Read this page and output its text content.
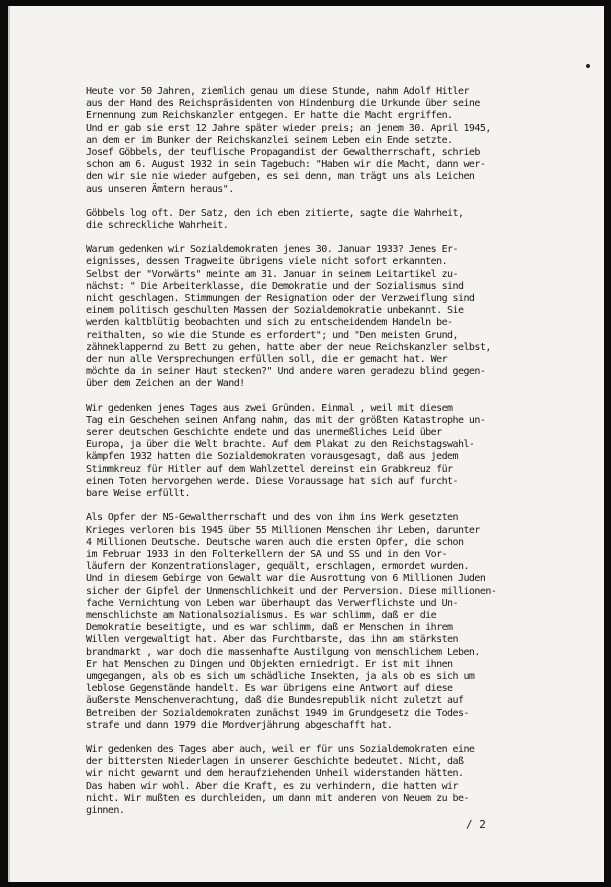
Heute vor 50 Jahren, ziemlich genau um diese Stunde, nahm Adolf Hitler
aus der Hand des Reichspräsidenten von Hindenburg die Urkunde über seine
Ernennung zum Reichskanzler entgegen. Er hatte die Macht ergriffen.
Und er gab sie erst 12 Jahre später wieder preis; an jenem 30. April 1945,
an dem er im Bunker der Reichskanzlei seinem Leben ein Ende setzte.
Josef Göbbels, der teuflische Propagandist der Gewaltherrschaft, schrieb
schon am 6. August 1932 in sein Tagebuch: "Haben wir die Macht, dann wer-
den wir sie nie wieder aufgeben, es sei denn, man trägt uns als Leichen
aus unseren Ämtern heraus".
Göbbels log oft. Der Satz, den ich eben zitierte, sagte die Wahrheit,
die schreckliche Wahrheit.
Warum gedenken wir Sozialdemokraten jenes 30. Januar 1933? Jenes Er-
eignisses, dessen Tragweite übrigens viele nicht sofort erkannten.
Selbst der "Vorwärts" meinte am 31. Januar in seinem Leitartikel zu-
nächst: " Die Arbeiterklasse, die Demokratie und der Sozialismus sind
nicht geschlagen. Stimmungen der Resignation oder der Verzweiflung sind
einem politisch geschulten Massen der Sozialdemokratie unbekannt. Sie
werden kaltblütig beobachten und sich zu entscheidendem Handeln be-
reithalten, so wie die Stunde es erfordert"; und "Den meisten Grund,
zähneklappernd zu Bett zu gehen, hatte aber der neue Reichskanzler selbst,
der nun alle Versprechungen erfüllen soll, die er gemacht hat. Wer
möchte da in seiner Haut stecken?" Und andere waren geradezu blind gegen-
über dem Zeichen an der Wand!
Wir gedenken jenes Tages aus zwei Gründen. Einmal , weil mit diesem
Tag ein Geschehen seinen Anfang nahm, das mit der größten Katastrophe un-
serer deutschen Geschichte endete und das unermeßliches Leid über
Europa, ja über die Welt brachte. Auf dem Plakat zu den Reichstagswahl-
kämpfen 1932 hatten die Sozialdemokraten vorausgesagt, daß aus jedem
Stimmkreuz für Hitler auf dem Wahlzettel dereinst ein Grabkreuz für
einen Toten hervorgehen werde. Diese Voraussage hat sich auf furcht-
bare Weise erfüllt.
Als Opfer der NS-Gewaltherrschaft und des von ihm ins Werk gesetzten
Krieges verloren bis 1945 über 55 Millionen Menschen ihr Leben, darunter
4 Millionen Deutsche. Deutsche waren auch die ersten Opfer, die schon
im Februar 1933 in den Folterkellern der SA und SS und in den Vor-
läufern der Konzentrationslager, gequält, erschlagen, ermordet wurden.
Und in diesem Gebirge von Gewalt war die Ausrottung von 6 Millionen Juden
sicher der Gipfel der Unmenschlichkeit und der Perversion. Diese millionen-
fache Vernichtung von Leben war überhaupt das Verwerflichste und Un-
menschlichste am Nationalsozialismus. Es war schlimm, daß er die
Demokratie beseitigte, und es war schlimm, daß er Menschen in ihrem
Willen vergewaltigt hat. Aber das Furchtbarste, das ihn am stärksten
brandmarkt , war doch die massenhafte Austilgung von menschlichem Leben.
Er hat Menschen zu Dingen und Objekten erniedrigt. Er ist mit ihnen
umgegangen, als ob es sich um schädliche Insekten, ja als ob es sich um
leblose Gegenstände handelt. Es war übrigens eine Antwort auf diese
äußerste Menschenverachtung, daß die Bundesrepublik nicht zuletzt auf
Betreiben der Sozialdemokraten zunächst 1949 im Grundgesetz die Todes-
strafe und dann 1979 die Mordverjährung abgeschafft hat.
Wir gedenken des Tages aber auch, weil er für uns Sozialdemokraten eine
der bittersten Niederlagen in unserer Geschichte bedeutet. Nicht, daß
wir nicht gewarnt und dem heraufziehenden Unheil widerstanden hätten.
Das haben wir wohl. Aber die Kraft, es zu verhindern, die hatten wir
nicht. Wir mußten es durchleiden, um dann mit anderen von Neuem zu be-
ginnen.
/ 2
